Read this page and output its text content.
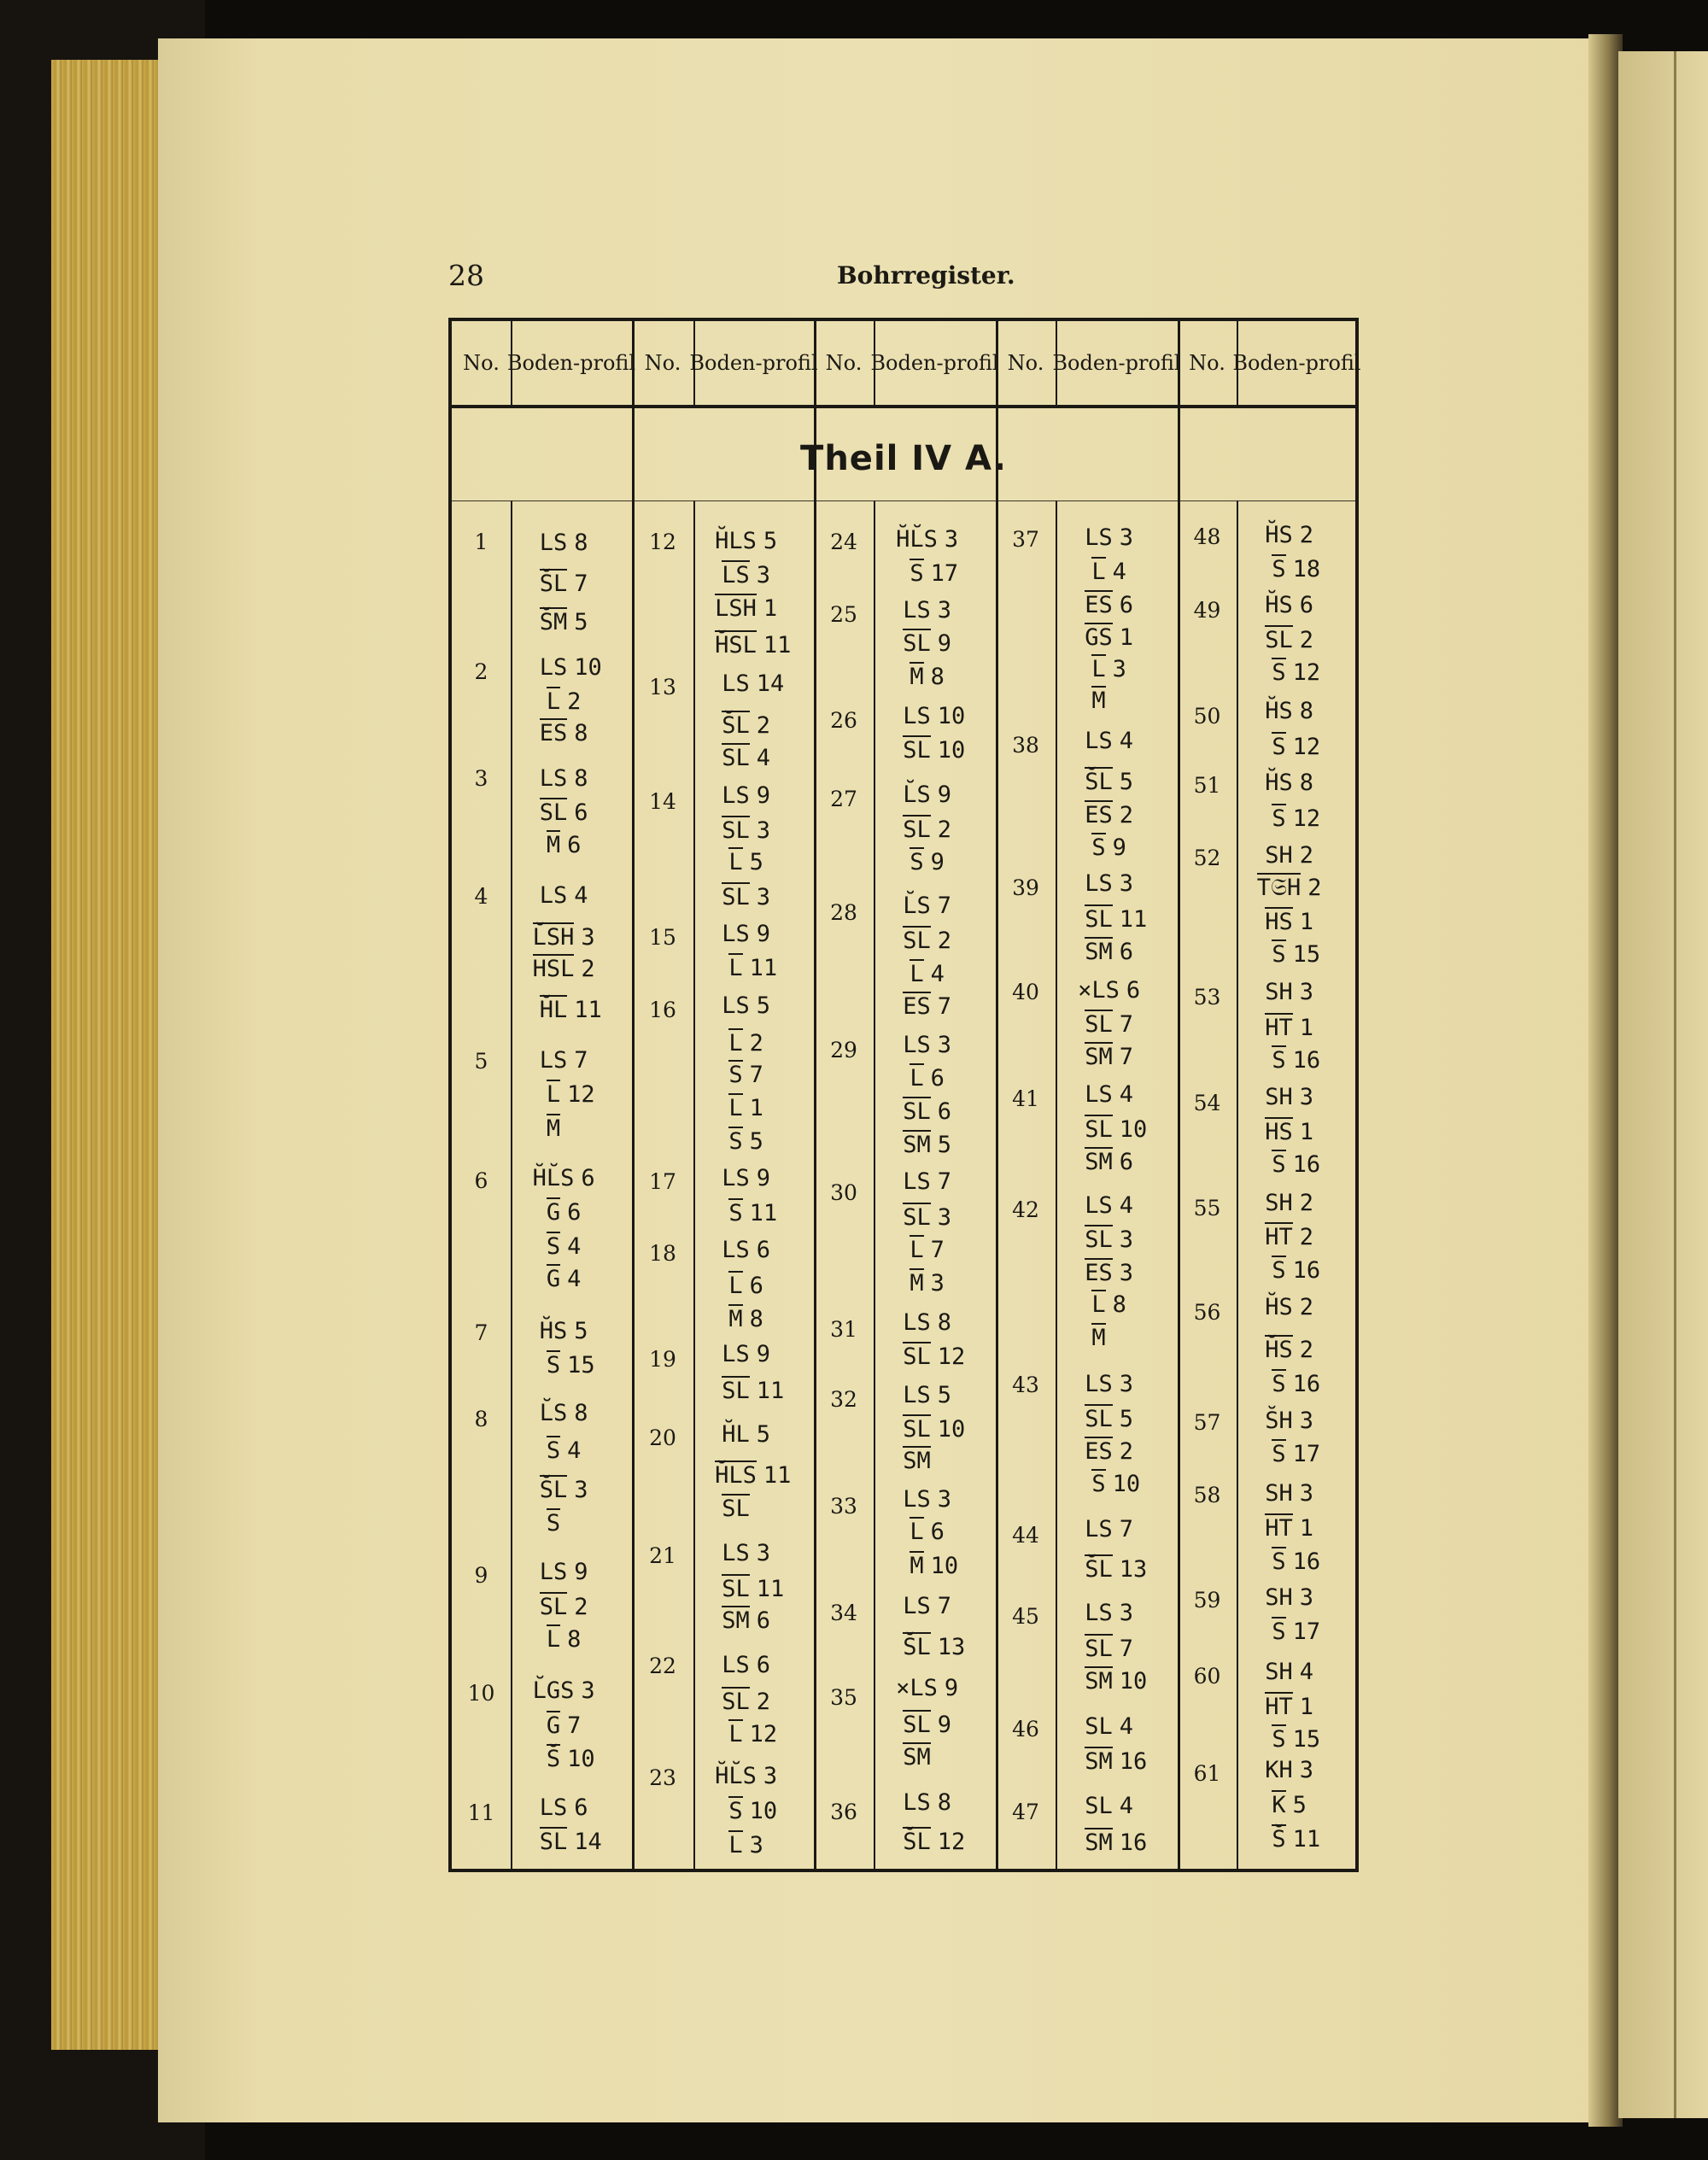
28	Bohrregister.
Theil IV A.
No. Boden- profil No. Boden- profil No. Boden- profil No. Boden- profil No. Boden- profil
1
2
3
4
5
6
7
8
9
10
11
LS 8
S̆L 7
S̆M 5
LS 10
L 2
ES 8
LS 8
SL 6
M 6
LS 4
L̆SH 3
HSL 2
H̆L 11
LS 7
L 12
M
H̆L̆S 6
G 6
S 4
G 4
H̆S 5
S 15
L̆S 8
S 4
S̆L 3
S
LS 9
SL 2
L 8
L̆GS 3
G 7
S̆ 10
LS 6
SL 14
12
13
14
15
16
17
18
19
20
21
22
23
H̆LS 5
LS 3
LSH 1
H̆SL 11
LS 14
S̆L 2
SL 4
LS 9
SL 3
L 5
SL 3
LS 9
L 11
LS 5
L 2
S 7
L 1
S 5
LS 9
S 11
LS 6
L 6
M 8
LS 9
SL 11
H̆L 5
H̆LS 11
SL
LS 3
SL 11
SM 6
LS 6
SL 2
L 12
H̆L̆S 3
S 10
L 3
24
25
26
27
28
29
30
31
32
33
34
35
36
H̆L̆S 3
S 17
LS 3
SL 9
M 8
LS 10
SL 10
L̆S 9
SL 2
S 9
L̆S 7
SL 2
L 4
ES 7
LS 3
L 6
SL 6
SM 5
LS 7
SL 3
L 7
M 3
LS 8
SL 12
LS 5
SL 10
SM
LS 3
L 6
M 10
LS 7
S̆L 13
×LS 9
SL 9
SM
LS 8
S̆L 12
37
38
39
40
41
42
43
44
45
46
47
LS 3
L 4
ES 6
GS 1
L 3
M
LS 4
S̆L 5
ES 2
S 9
LS 3
SL 11
SM 6
×LS 6
SL 7
SM 7
LS 4
SL 10
SM 6
LS 4
SL 3
ES 3
L 8
M
LS 3
SL 5
ES 2
S 10
LS 7
S̆L 13
LS 3
SL 7
SM 10
SL 4
SM 16
SL 4
SM 16
48
49
50
51
52
53
54
55
56
57
58
59
60
61
H̆S 2
S 18
H̆S 6
SL 2
S 12
H̆S 8
S 12
H̆S 8
S 12
SH 2
T𝔖H 2
HS 1
S 15
SH 3
HT 1
S 16
SH 3
HS 1
S 16
SH 2
HT 2
S 16
H̆S 2
H̆S 2
S 16
S̆H 3
S 17
SH 3
HT 1
S 16
SH 3
S 17
SH 4
HT 1
S 15
KH 3
K 5
S̆ 11
